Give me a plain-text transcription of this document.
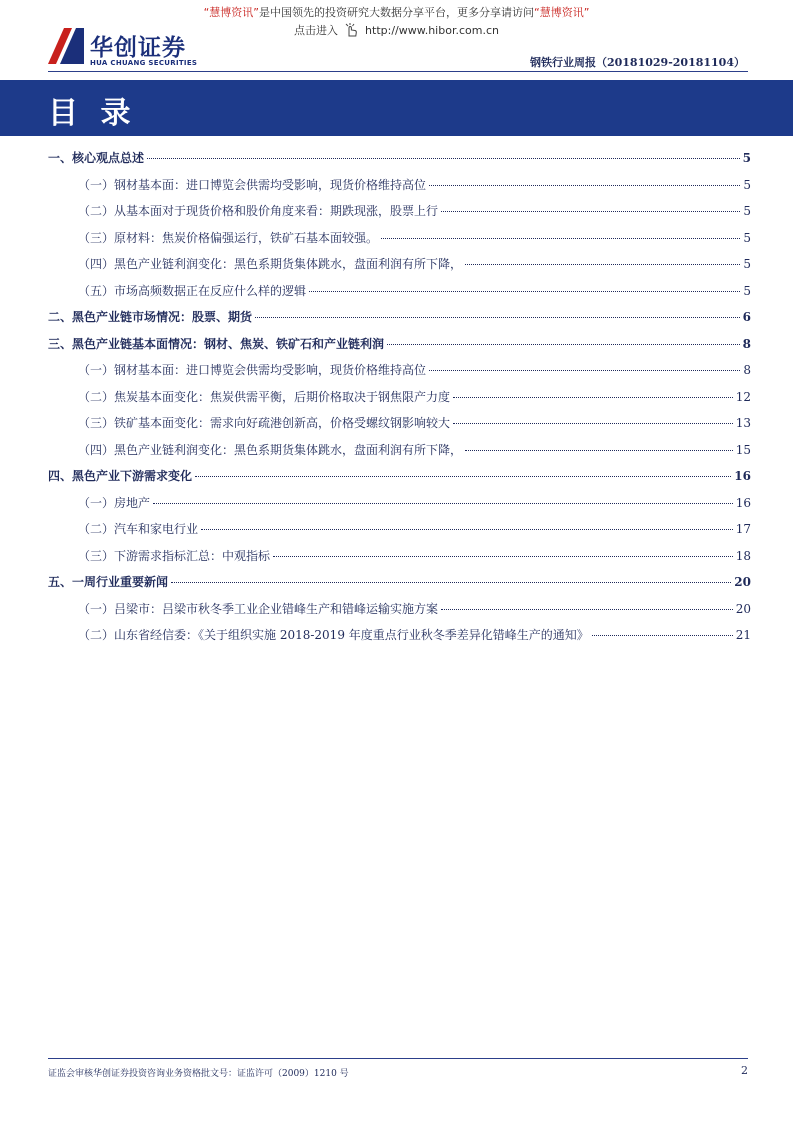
“慧博资讯”是中国领先的投资研究大数据分享平台，更多分享请访问“慧博资讯”
点击进入 http://www.hibor.com.cn
华创证券
HUA CHUANG SECURITIES	钢铁行业周报（20181029-20181104）
目 录
一、核心观点总述	5
（一）钢材基本面：进口博览会供需均受影响，现货价格维持高位	5
（二）从基本面对于现货价格和股价角度来看：期跌现涨，股票上行	5
（三）原材料：焦炭价格偏强运行，铁矿石基本面较强。	5
（四）黑色产业链利润变化：黑色系期货集体跳水，盘面利润有所下降，	5
（五）市场高频数据正在反应什么样的逻辑	5
二、黑色产业链市场情况：股票、期货	6
三、黑色产业链基本面情况：钢材、焦炭、铁矿石和产业链利润	8
（一）钢材基本面：进口博览会供需均受影响，现货价格维持高位	8
（二）焦炭基本面变化：焦炭供需平衡，后期价格取决于钢焦限产力度	12
（三）铁矿基本面变化：需求向好疏港创新高，价格受螺纹钢影响较大	13
（四）黑色产业链利润变化：黑色系期货集体跳水，盘面利润有所下降，	15
四、黑色产业下游需求变化	16
（一）房地产	16
（二）汽车和家电行业	17
（三）下游需求指标汇总：中观指标	18
五、一周行业重要新闻	20
（一）吕梁市：吕梁市秋冬季工业企业错峰生产和错峰运输实施方案	20
（二）山东省经信委：《关于组织实施 2018-2019 年度重点行业秋冬季差异化错峰生产的通知》	21
证监会审核华创证券投资咨询业务资格批文号：证监许可（2009）1210 号	2
